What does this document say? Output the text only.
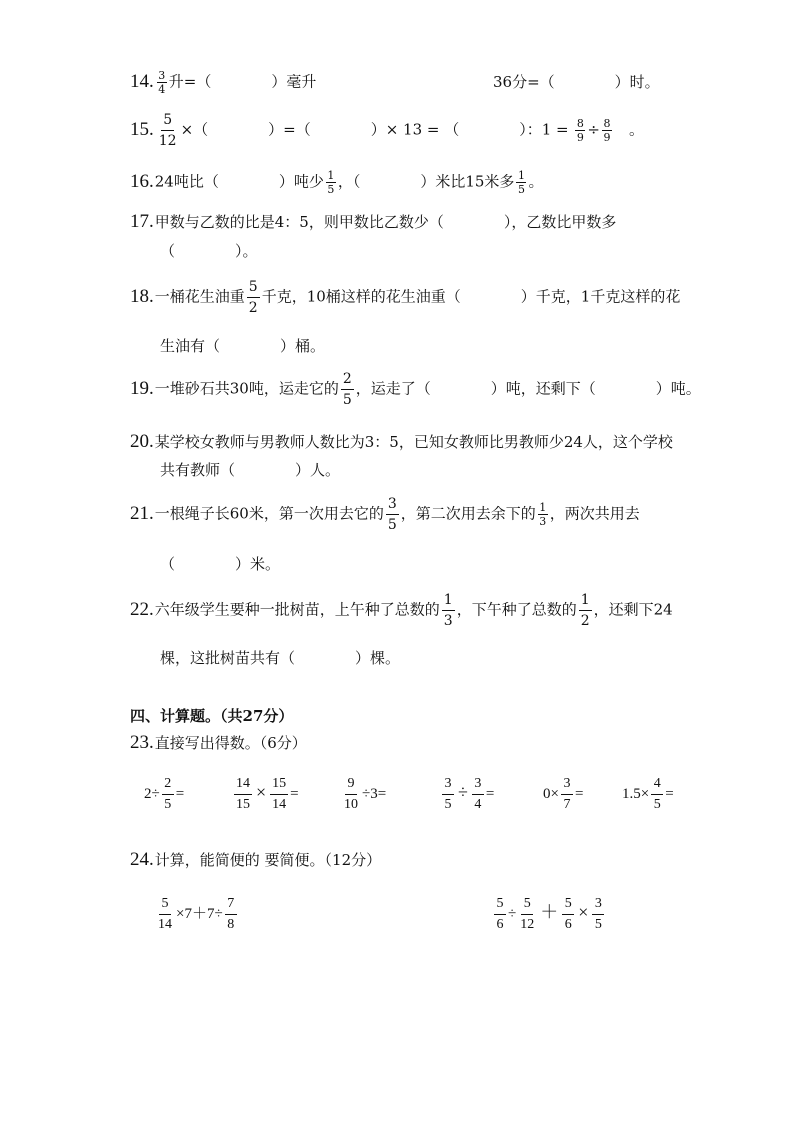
14. $\frac{3}{4}$ 升=（　　　　）毫升	36分=（　　　　）时。
15. $\frac{5}{12}$ ×（　　　　）=（　　　　）× 13 = （　　　　）：$1 = \frac{8}{9} \div \frac{8}{9}$ 　。
16.24吨比（　　　　）吨少 $\frac{1}{5}$ ，（　　　　）米比15米多 $\frac{1}{5}$ 。
17.甲数与乙数的比是4：5，则甲数比乙数少（　　　　），乙数比甲数多
（　　　　）。
18.一桶花生油重 $\frac{5}{2}$ 千克，10桶这样的花生油重（　　　　）千克，1千克这样的花
生油有（　　　　）桶。
19.一堆砂石共30吨，运走它的 $\frac{2}{5}$ ，运走了（　　　　）吨，还剩下（　　　　）吨。
20.某学校女教师与男教师人数比为3：5，已知女教师比男教师少24人，这个学校
共有教师（　　　　）人。
21.一根绳子长60米，第一次用去它的 $\frac{3}{5}$ ，第二次用去余下的 $\frac{1}{3}$ ，两次共用去
（　　　　）米。
22.六年级学生要种一批树苗，上午种了总数的 $\frac{1}{3}$ ，下午种了总数的 $\frac{1}{2}$ ，还剩下24
棵，这批树苗共有（　　　　）棵。
四、计算题。（共27分）
23.直接写出得数。（6分）
$2\div \frac{2}{5}$ =	$\frac{14}{15} \times \frac{15}{14}$ =	$\frac{9}{10} \div 3=$	$\frac{3}{5} \div \frac{3}{4}$ =	$0\times \frac{3}{7}$ =	$1.5\times \frac{4}{5}$ =
24.计算，能简便的 要简便。（12分）
$\frac{5}{14} \times 7+7\div \frac{7}{8}$	$\frac{5}{6} \div \frac{5}{12} + \frac{5}{6} \times \frac{3}{5}$
